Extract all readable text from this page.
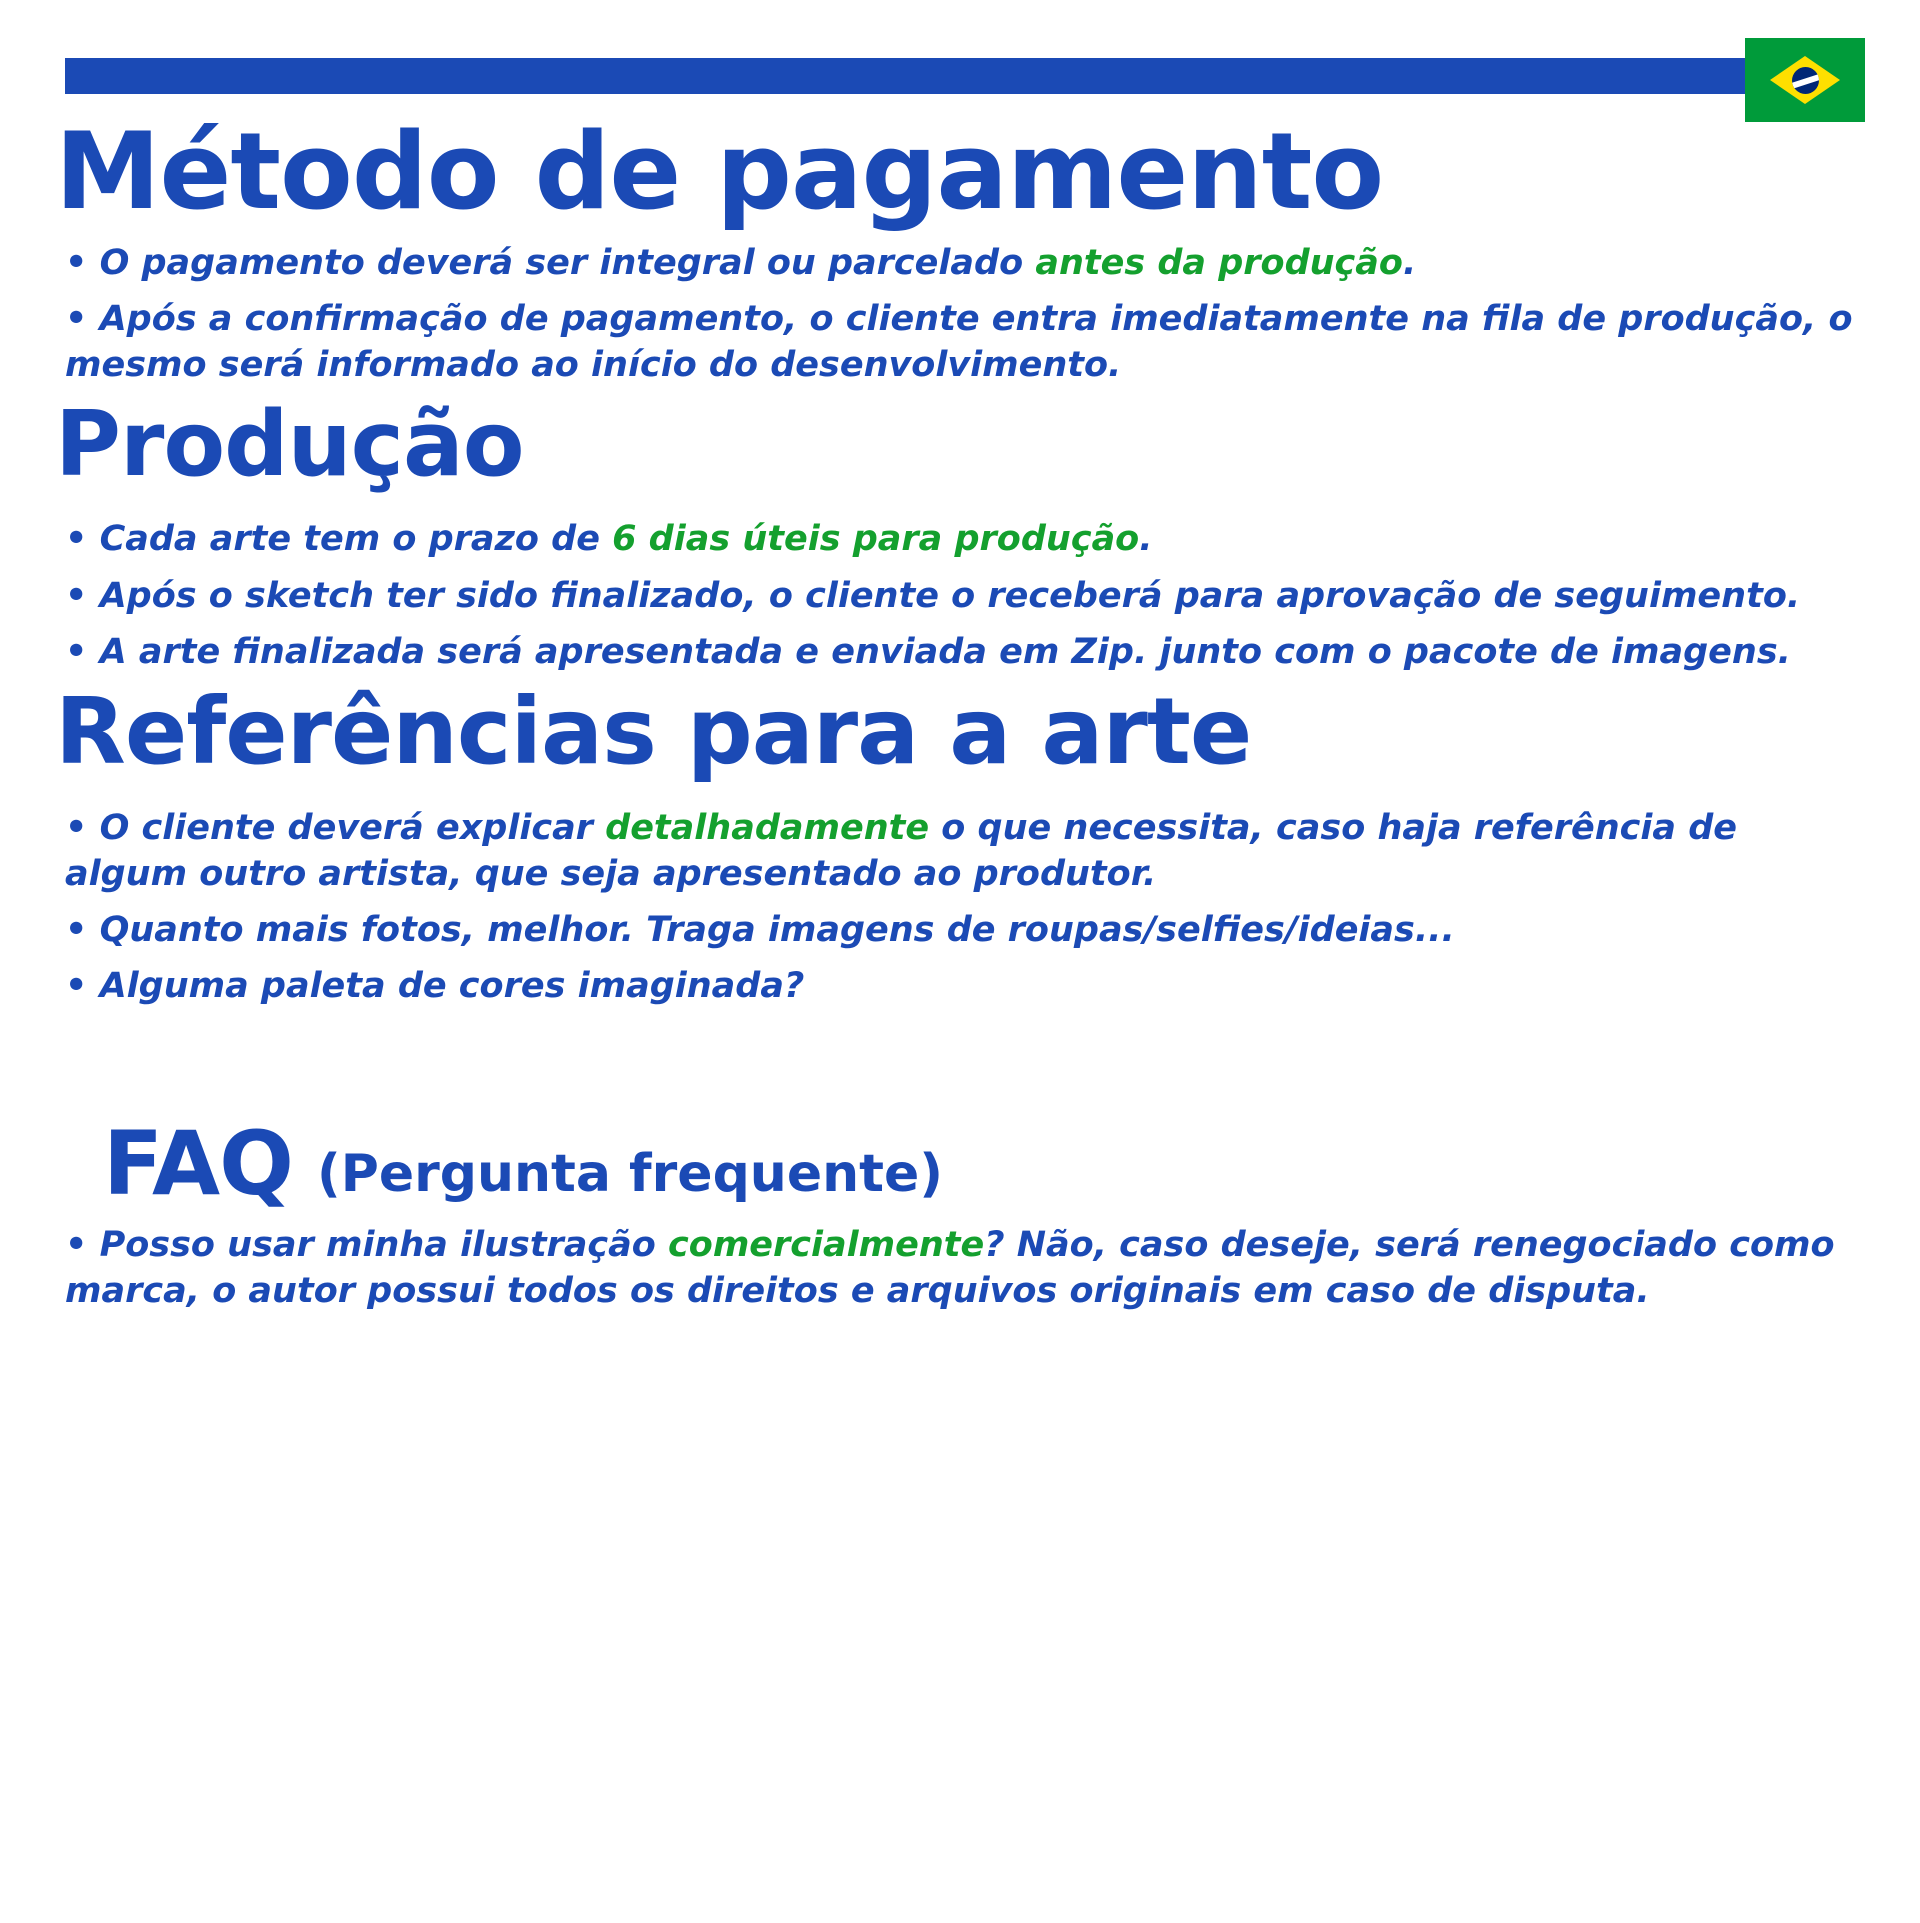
Método de pagamento

• O pagamento deverá ser integral ou parcelado antes da produção.

• Após a confirmação de pagamento, o cliente entra imediatamente na fila de produção, o mesmo será informado ao início do desenvolvimento.

Produção

• Cada arte tem o prazo de 6 dias úteis para produção.

• Após o sketch ter sido finalizado, o cliente o receberá para aprovação de seguimento.

• A arte finalizada será apresentada e enviada em Zip. junto com o pacote de imagens.

Referências para a arte

• O cliente deverá explicar detalhadamente o que necessita, caso haja referência de algum outro artista, que seja apresentado ao produtor.

• Quanto mais fotos, melhor. Traga imagens de roupas/selfies/ideias...

• Alguma paleta de cores imaginada?

FAQ (Pergunta frequente)

• Posso usar minha ilustração comercialmente? Não, caso deseje, será renegociado como marca, o autor possui todos os direitos e arquivos originais em caso de disputa.
